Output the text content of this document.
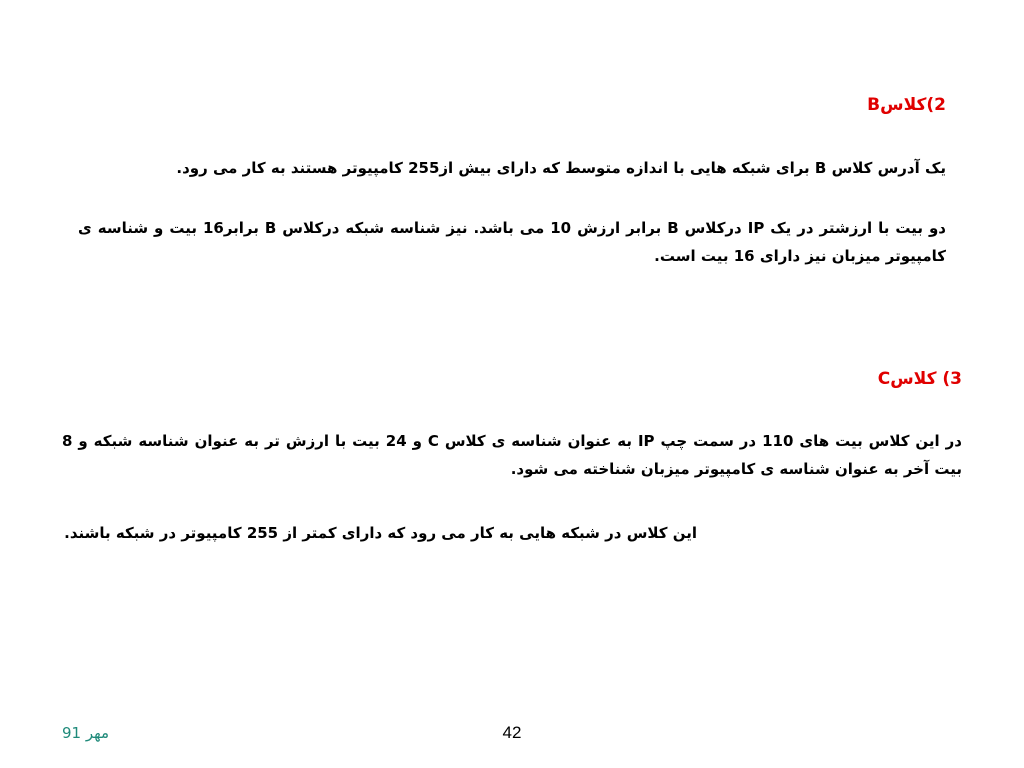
2)کلاسB
یک آدرس کلاس B برای شبکه هایی با اندازه متوسط که دارای بیش از255 کامپیوتر هستند به کار می رود.
دو بیت با ارزشتر در یک IP درکلاس B برابر ارزش 10 می باشد. نیز شناسه شبکه درکلاس B برابر16 بیت و شناسه ی کامپیوتر میزبان نیز دارای 16 بیت است.
3) کلاسC
در این کلاس بیت های 110 در سمت چپ IP به عنوان شناسه ی کلاس C و 24 بیت با ارزش تر به عنوان شناسه شبکه و 8 بیت آخر به عنوان شناسه ی کامپیوتر میزبان شناخته می شود.
این کلاس در شبکه هایی به کار می رود که دارای کمتر از 255 کامپیوتر در شبکه باشند.
مهر 91	42
